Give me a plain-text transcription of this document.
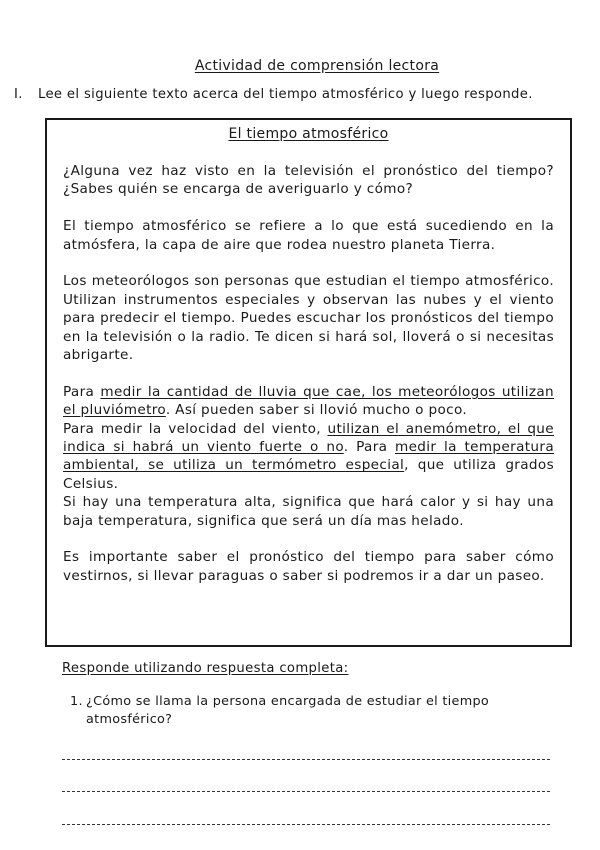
Actividad de comprensión lectora
I. Lee el siguiente texto acerca del tiempo atmosférico y luego responde.
El tiempo atmosférico

¿Alguna vez haz visto en la televisión el pronóstico del tiempo? ¿Sabes quién se encarga de averiguarlo y cómo?

El tiempo atmosférico se refiere a lo que está sucediendo en la atmósfera, la capa de aire que rodea nuestro planeta Tierra.

Los meteorólogos son personas que estudian el tiempo atmosférico. Utilizan instrumentos especiales y observan las nubes y el viento para predecir el tiempo. Puedes escuchar los pronósticos del tiempo en la televisión o la radio. Te dicen si hará sol, lloverá o si necesitas abrigarte.

Para medir la cantidad de lluvia que cae, los meteorólogos utilizan el pluviómetro. Así pueden saber si llovió mucho o poco.

Para medir la velocidad del viento, utilizan el anemómetro, el que indica si habrá un viento fuerte o no. Para medir la temperatura ambiental, se utiliza un termómetro especial, que utiliza grados Celsius.

Si hay una temperatura alta, significa que hará calor y si hay una baja temperatura, significa que será un día mas helado.

Es importante saber el pronóstico del tiempo para saber cómo vestirnos, si llevar paraguas o saber si podremos ir a dar un paseo.

Responde utilizando respuesta completa:
1. ¿Cómo se llama la persona encargada de estudiar el tiempo atmosférico?
